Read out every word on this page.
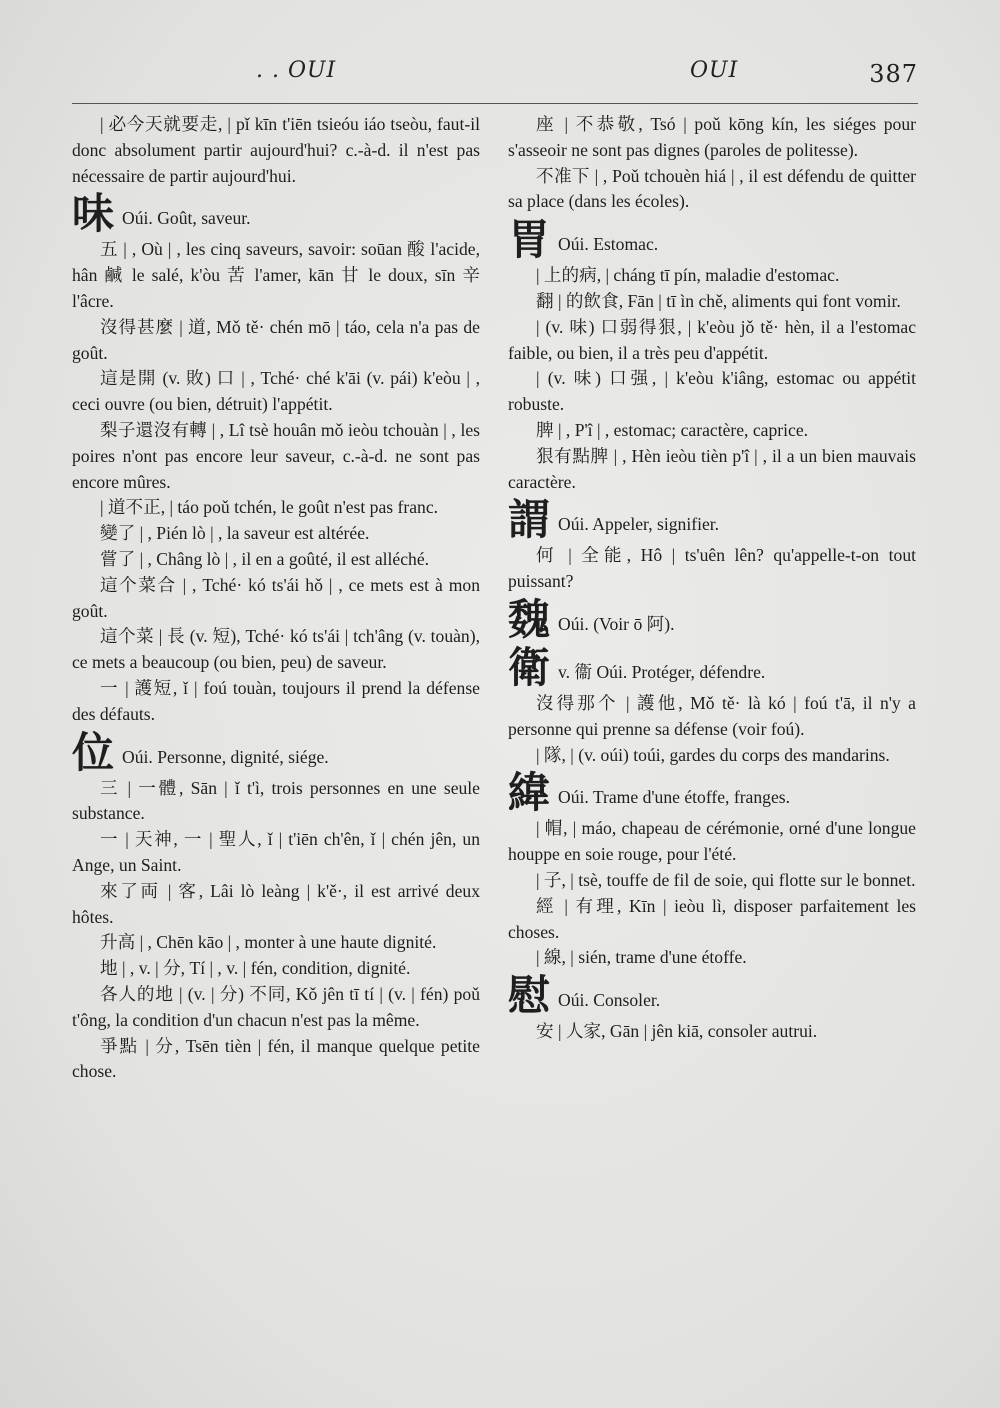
. . OUI	OUI	387

| 必今天就要走, | pǐ kīn t'iēn tsieóu iáo tseòu, faut-il donc absolument partir aujourd'hui? c.-à-d. il n'est pas nécessaire de partir aujourd'hui.

味 Oúi. Goût, saveur.

五 | , Où | , les cinq saveurs, savoir: soūan 酸 l'acide, hân 鹹 le salé, k'òu 苦 l'amer, kān 甘 le doux, sīn 辛 l'âcre.

沒得甚麼 | 道, Mǒ tě· chén mō | táo, cela n'a pas de goût.

這是開 (v. 敗) 口 | , Tché· ché k'āi (v. pái) k'eòu | , ceci ouvre (ou bien, détruit) l'appétit.

梨子還沒有轉 | , Lî tsè houân mǒ ieòu tchouàn | , les poires n'ont pas encore leur saveur, c.-à-d. ne sont pas encore mûres.

| 道不正, | táo poǔ tchén, le goût n'est pas franc.

變了 | , Pién lò | , la saveur est altérée.

嘗了 | , Châng lò | , il en a goûté, il est alléché.

這个菜合 | , Tché· kó ts'ái hǒ | , ce mets est à mon goût.

這个菜 | 長 (v. 短), Tché· kó ts'ái | tch'âng (v. touàn), ce mets a beaucoup (ou bien, peu) de saveur.

一 | 護短, ǐ | foú touàn, toujours il prend la défense des défauts.

位 Oúi. Personne, dignité, siége.

三 | 一體, Sān | ǐ t'ì, trois personnes en une seule substance.

一 | 天神, 一 | 聖人, ǐ | t'iēn ch'ên, ǐ | chén jên, un Ange, un Saint.

來了両 | 客, Lâi lò leàng | k'ě·, il est arrivé deux hôtes.

升高 | , Chēn kāo | , monter à une haute dignité.

地 | , v. | 分, Tí | , v. | fén, condition, dignité.

各人的地 | (v. | 分) 不同, Kǒ jên tī tí | (v. | fén) poǔ t'ông, la condition d'un chacun n'est pas la même.

爭點 | 分, Tsēn tièn | fén, il manque quelque petite chose.

座 | 不恭敬, Tsó | poǔ kōng kín, les siéges pour s'asseoir ne sont pas dignes (paroles de politesse).

不准下 | , Poǔ tchouèn hiá | , il est défendu de quitter sa place (dans les écoles).

胃 Oúi. Estomac.

| 上的病, | cháng tī pín, maladie d'estomac.

翻 | 的飲食, Fān | tī ìn chě, aliments qui font vomir.

| (v. 味) 口弱得狠, | k'eòu jǒ tě· hèn, il a l'estomac faible, ou bien, il a très peu d'appétit.

| (v. 味) 口强, | k'eòu k'iâng, estomac ou appétit robuste.

脾 | , P'î | , estomac; caractère, caprice.

狠有點脾 | , Hèn ieòu tièn p'î | , il a un bien mauvais caractère.

謂 Oúi. Appeler, signifier.

何 | 全能, Hô | ts'uên lên? qu'appelle-t-on tout puissant?

魏 Oúi. (Voir ō 阿).

衛v. 衞 Oúi. Protéger, défendre.

沒得那个 | 護他, Mǒ tě· là kó | foú t'ā, il n'y a personne qui prenne sa défense (voir foú).

| 隊, | (v. oúi) toúi, gardes du corps des mandarins.

緯 Oúi. Trame d'une étoffe, franges.

| 帽, | máo, chapeau de cérémonie, orné d'une longue houppe en soie rouge, pour l'été.

| 子, | tsè, touffe de fil de soie, qui flotte sur le bonnet.

經 | 有理, Kīn | ieòu lì, disposer parfaitement les choses.

| 線, | sién, trame d'une étoffe.

慰 Oúi. Consoler.

安 | 人家, Gān | jên kiā, consoler autrui.
